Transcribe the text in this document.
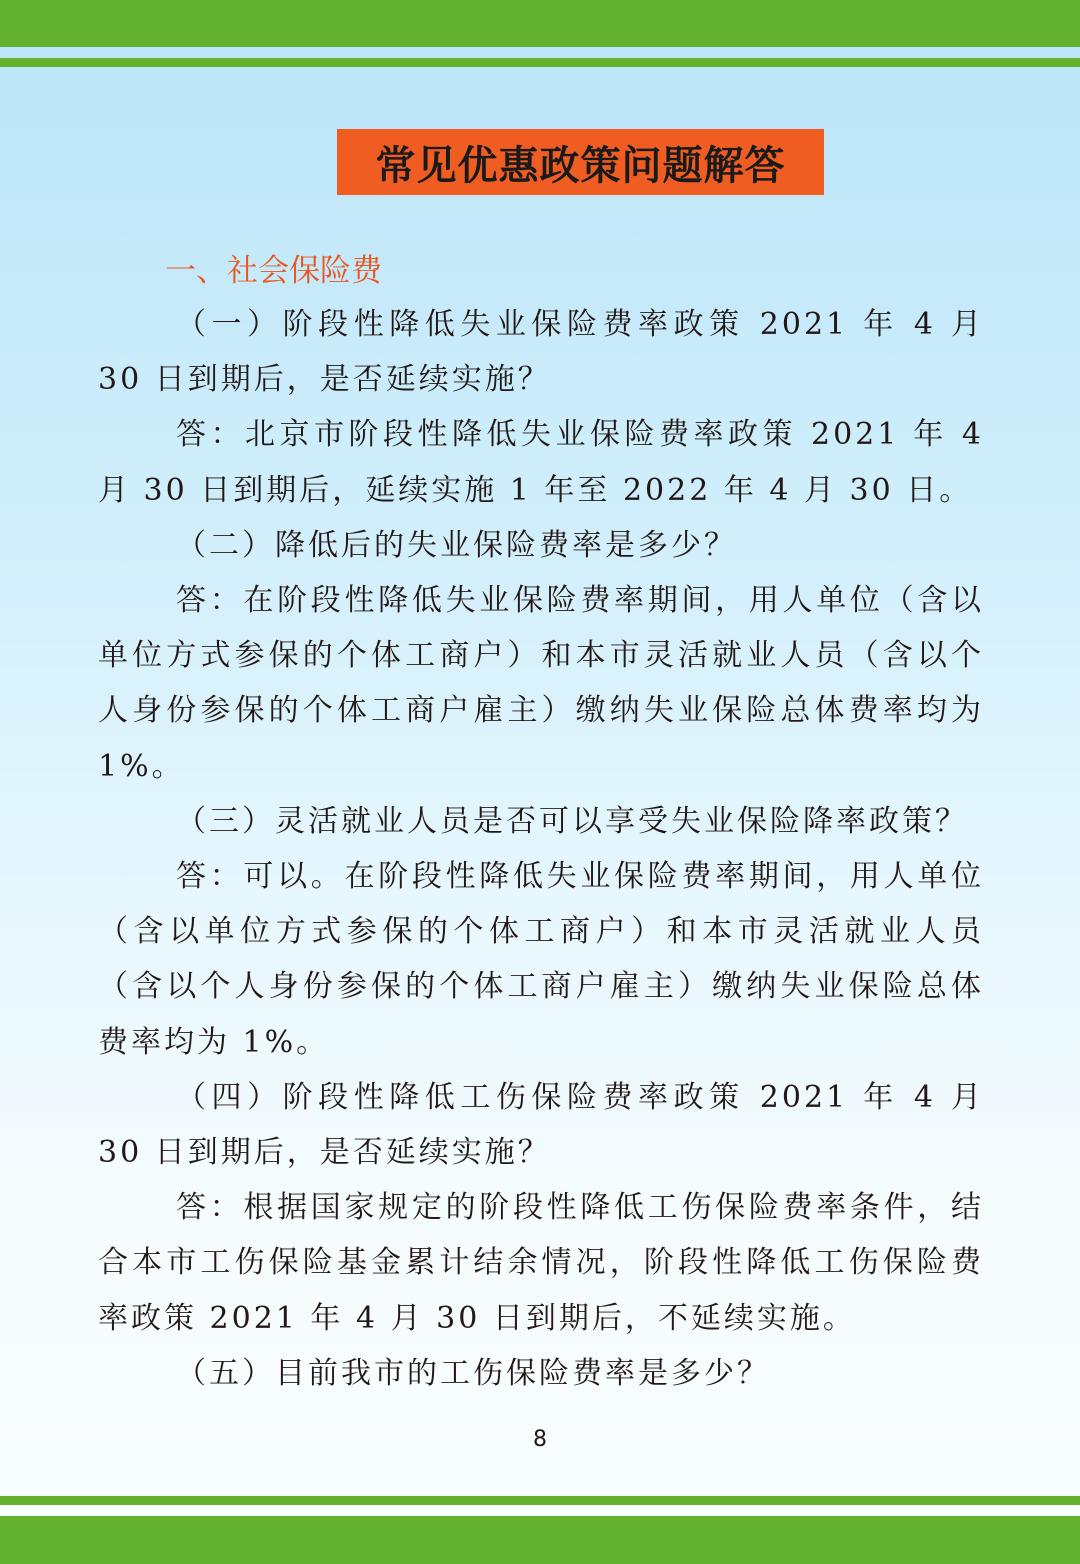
常见优惠政策问题解答
一、社会保险费

（一）阶段性降低失业保险费率政策 2021 年 4 月 30 日到期后，是否延续实施？

答：北京市阶段性降低失业保险费率政策 2021 年 4 月 30 日到期后，延续实施 1 年至 2022 年 4 月 30 日。

（二）降低后的失业保险费率是多少？

答：在阶段性降低失业保险费率期间，用人单位（含以单位方式参保的个体工商户）和本市灵活就业人员（含以个人身份参保的个体工商户雇主）缴纳失业保险总体费率均为 1%。

（三）灵活就业人员是否可以享受失业保险降率政策？

答：可以。在阶段性降低失业保险费率期间，用人单位（含以单位方式参保的个体工商户）和本市灵活就业人员（含以个人身份参保的个体工商户雇主）缴纳失业保险总体费率均为 1%。

（四）阶段性降低工伤保险费率政策 2021 年 4 月 30 日到期后，是否延续实施？

答：根据国家规定的阶段性降低工伤保险费率条件，结合本市工伤保险基金累计结余情况，阶段性降低工伤保险费率政策 2021 年 4 月 30 日到期后，不延续实施。

（五）目前我市的工伤保险费率是多少？

8
